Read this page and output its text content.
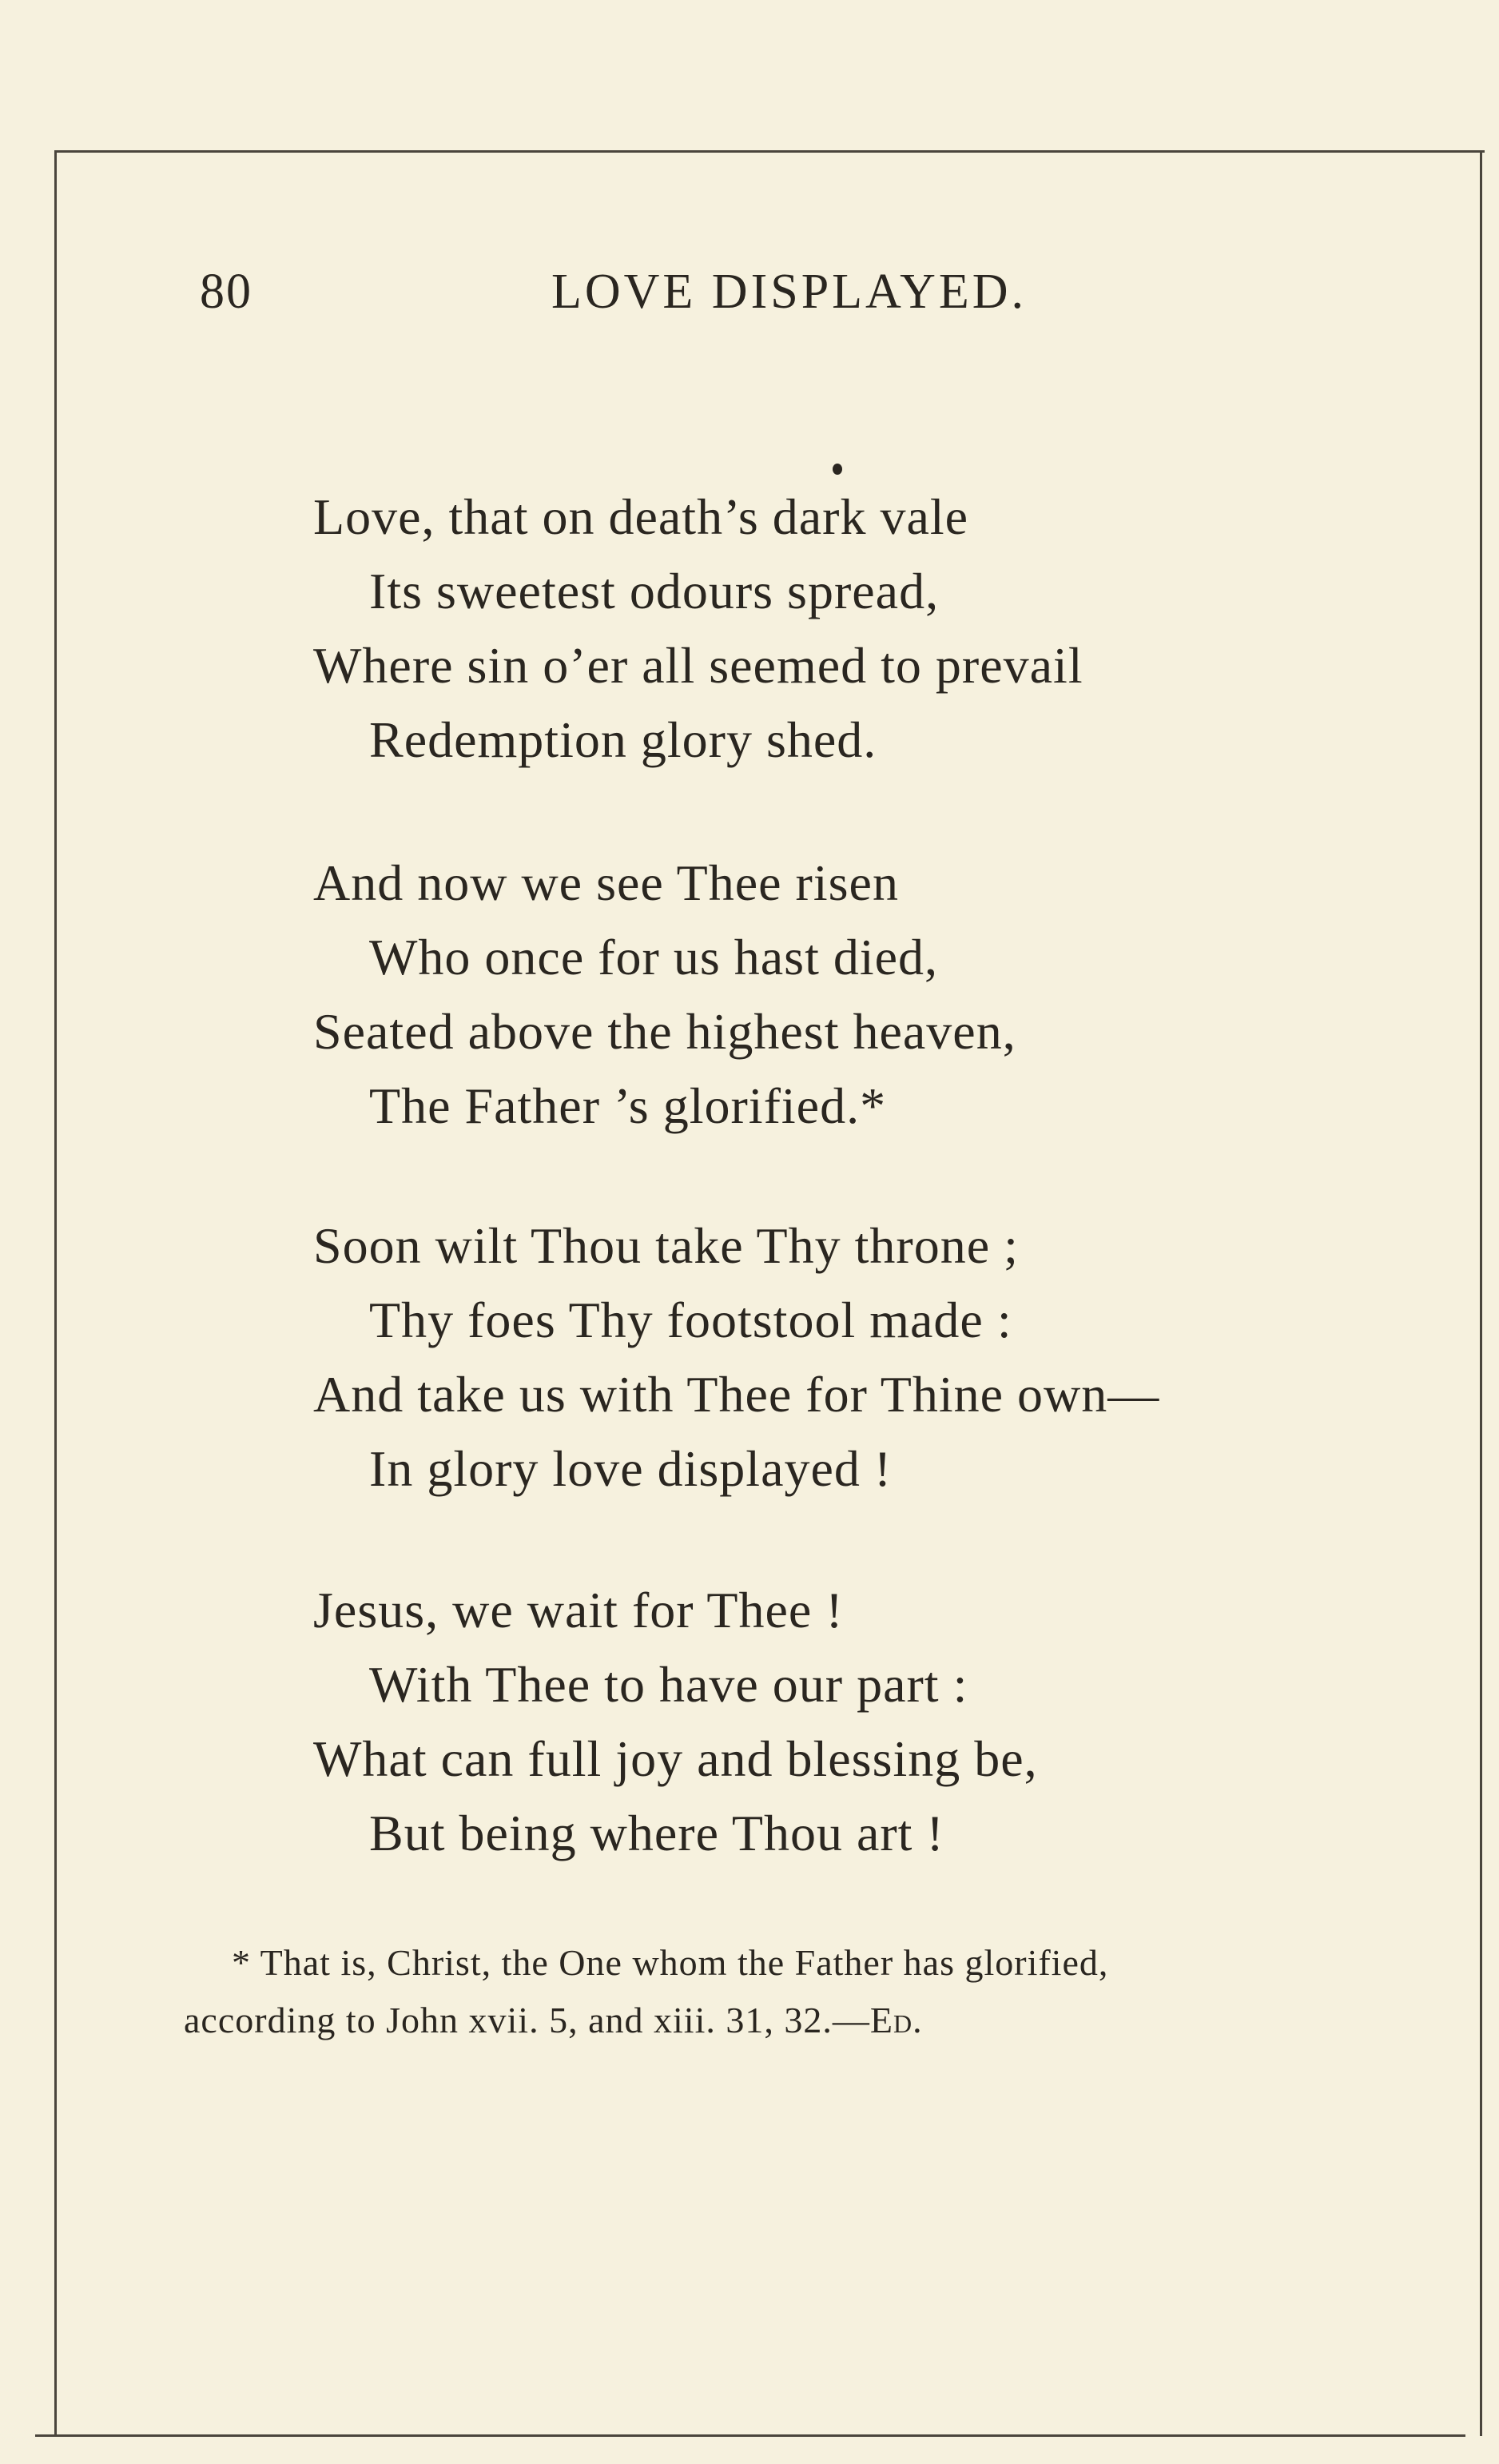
80	LOVE DISPLAYED.
Love, that on death’s dark vale
Its sweetest odours spread,
Where sin o’er all seemed to prevail
Redemption glory shed.
And now we see Thee risen
Who once for us hast died,
Seated above the highest heaven,
The Father ’s glorified.*
Soon wilt Thou take Thy throne ;
Thy foes Thy footstool made :
And take us with Thee for Thine own—
In glory love displayed !
Jesus, we wait for Thee !
With Thee to have our part :
What can full joy and blessing be,
But being where Thou art !
* That is, Christ, the One whom the Father has glorified,
according to John xvii. 5, and xiii. 31, 32.—Ed.
